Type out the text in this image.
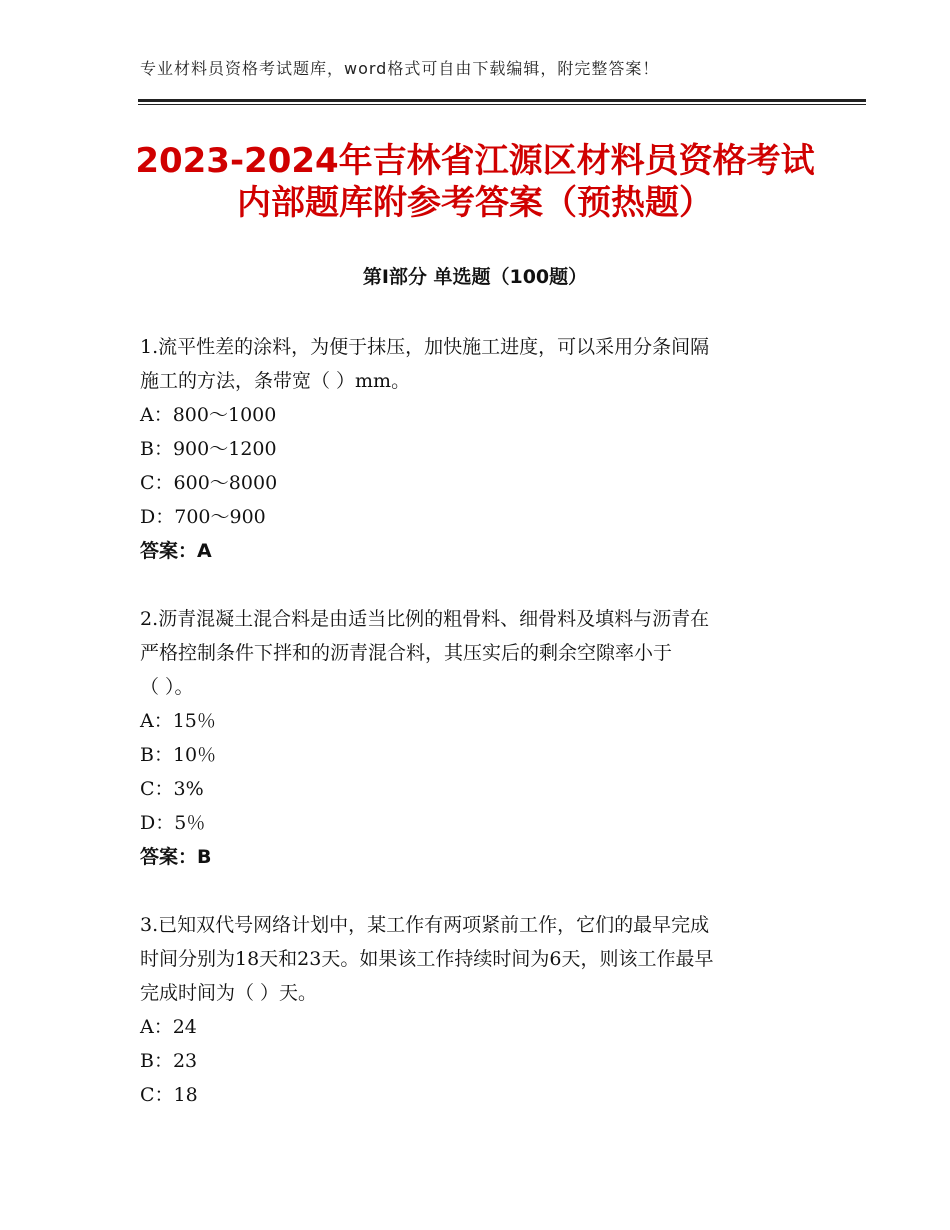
专业材料员资格考试题库，word格式可自由下载编辑，附完整答案！
2023-2024年吉林省江源区材料员资格考试
内部题库附参考答案（预热题）
第Ⅰ部分 单选题（100题）

1.流平性差的涂料，为便于抹压，加快施工进度，可以采用分条间隔

施工的方法，条带宽（ ）mm。

A：800～1000

B：900～1200

C：600～8000

D：700～900

答案：A

2.沥青混凝土混合料是由适当比例的粗骨料、细骨料及填料与沥青在

严格控制条件下拌和的沥青混合料，其压实后的剩余空隙率小于

（ ）。

A：15％

B：10％

C：3%

D：5％

答案：B

3.已知双代号网络计划中，某工作有两项紧前工作，它们的最早完成

时间分别为18天和23天。如果该工作持续时间为6天，则该工作最早

完成时间为（ ）天。

A：24

B：23

C：18
